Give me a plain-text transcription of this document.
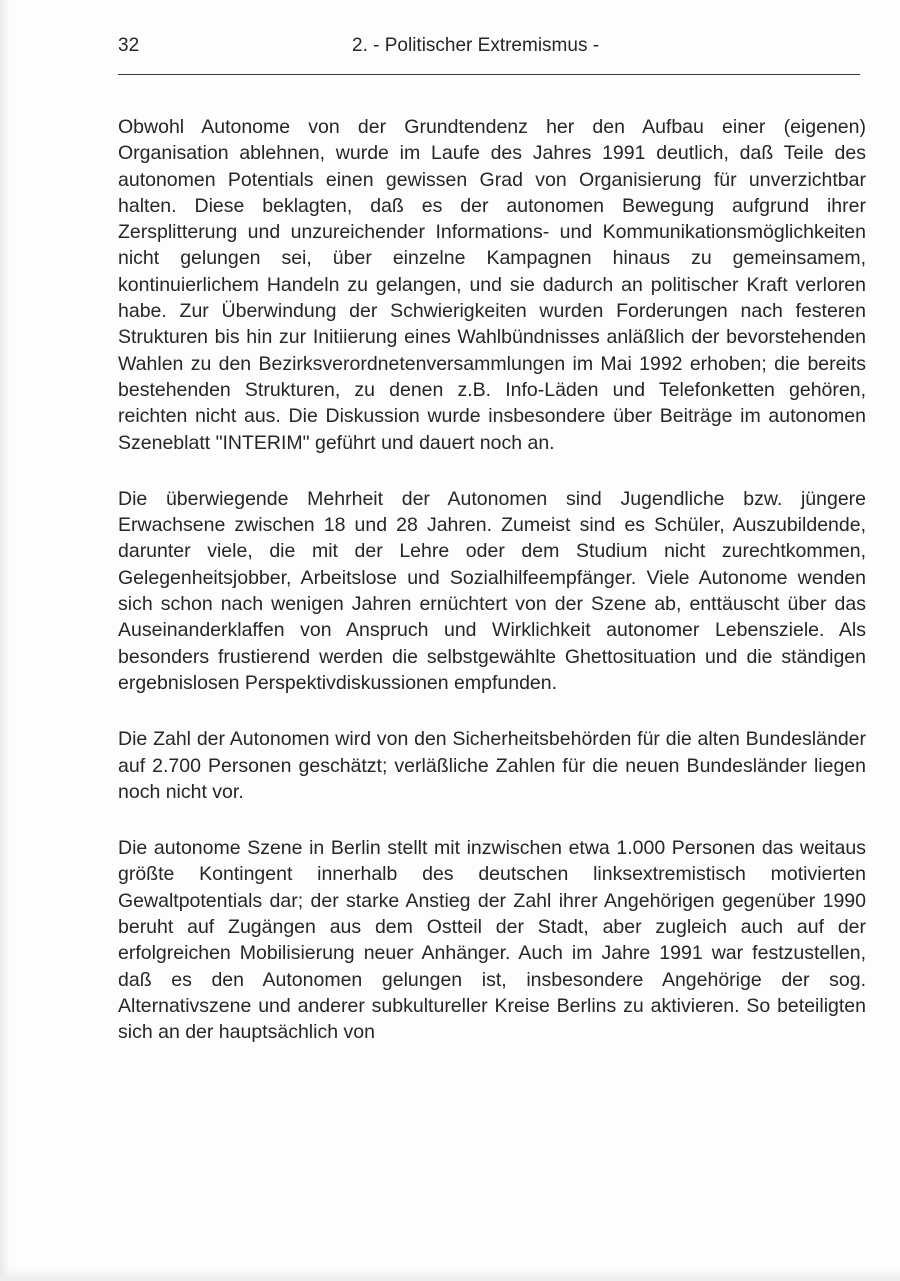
32	2. - Politischer Extremismus -

Obwohl Autonome von der Grundtendenz her den Aufbau einer (eigenen) Organisation ablehnen, wurde im Laufe des Jahres 1991 deutlich, daß Teile des autonomen Potentials einen gewissen Grad von Organisierung für unverzichtbar halten. Diese beklagten, daß es der autonomen Bewegung aufgrund ihrer Zersplitterung und unzureichender Informations- und Kommunikationsmöglichkeiten nicht gelungen sei, über einzelne Kampagnen hinaus zu gemeinsamem, kontinuierlichem Handeln zu gelangen, und sie dadurch an politischer Kraft verloren habe. Zur Überwindung der Schwierigkeiten wurden Forderungen nach festeren Strukturen bis hin zur Initiierung eines Wahlbündnisses anläßlich der bevorstehenden Wahlen zu den Bezirksverordnetenversammlungen im Mai 1992 erhoben; die bereits bestehenden Strukturen, zu denen z.B. Info-Läden und Telefonketten gehören, reichten nicht aus. Die Diskussion wurde insbesondere über Beiträge im autonomen Szeneblatt "INTERIM" geführt und dauert noch an.

Die überwiegende Mehrheit der Autonomen sind Jugendliche bzw. jüngere Erwachsene zwischen 18 und 28 Jahren. Zumeist sind es Schüler, Auszubildende, darunter viele, die mit der Lehre oder dem Studium nicht zurechtkommen, Gelegenheitsjobber, Arbeitslose und Sozialhilfeempfänger. Viele Autonome wenden sich schon nach wenigen Jahren ernüchtert von der Szene ab, enttäuscht über das Auseinanderklaffen von Anspruch und Wirklichkeit autonomer Lebensziele. Als besonders frustierend werden die selbstgewählte Ghettosituation und die ständigen ergebnislosen Perspektivdiskussionen empfunden.

Die Zahl der Autonomen wird von den Sicherheitsbehörden für die alten Bundesländer auf 2.700 Personen geschätzt; verläßliche Zahlen für die neuen Bundesländer liegen noch nicht vor.

Die autonome Szene in Berlin stellt mit inzwischen etwa 1.000 Personen das weitaus größte Kontingent innerhalb des deutschen linksextremistisch motivierten Gewaltpotentials dar; der starke Anstieg der Zahl ihrer Angehörigen gegenüber 1990 beruht auf Zugängen aus dem Ostteil der Stadt, aber zugleich auch auf der erfolgreichen Mobilisierung neuer Anhänger. Auch im Jahre 1991 war festzustellen, daß es den Autonomen gelungen ist, insbesondere Angehörige der sog. Alternativszene und anderer subkultureller Kreise Berlins zu aktivieren. So beteiligten sich an der hauptsächlich von
